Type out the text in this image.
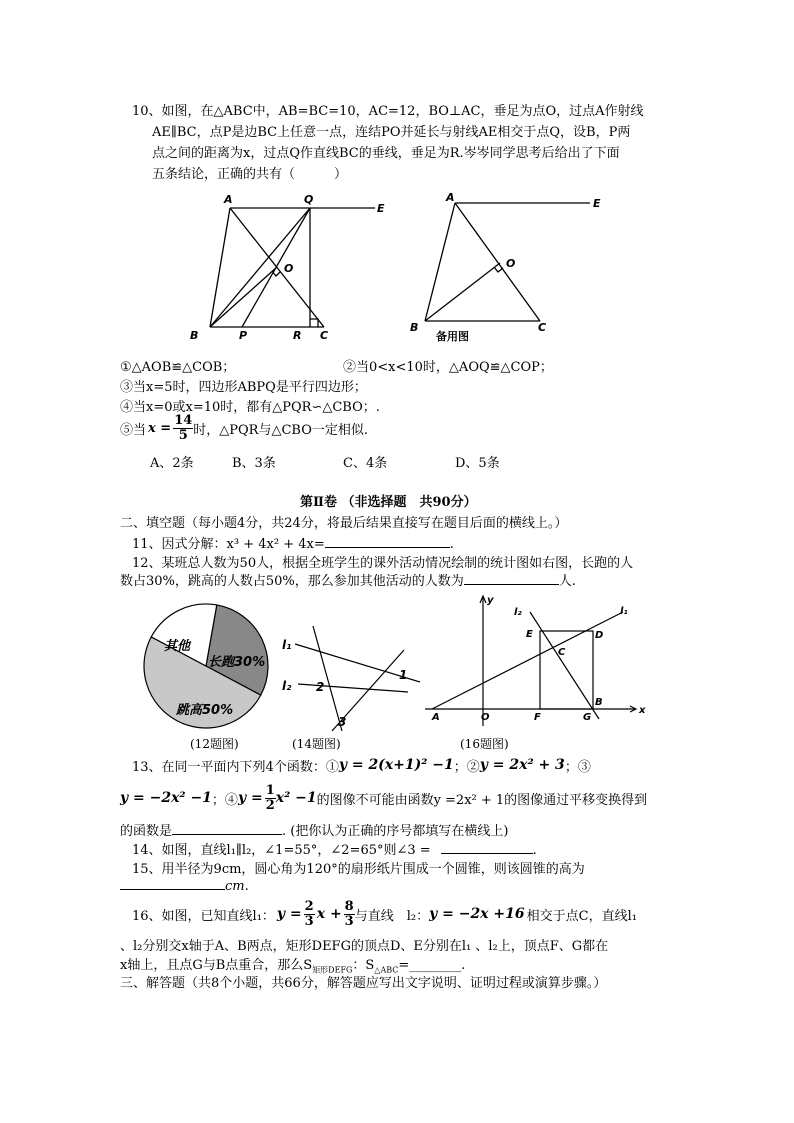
10、如图，在△ABC中，AB=BC=10，AC=12，BO⊥AC，垂足为点O，过点A作射线
AE∥BC，点P是边BC上任意一点，连结PO并延长与射线AE相交于点Q，设B，P两
点之间的距离为x，过点Q作直线BC的垂线，垂足为R.岑岑同学思考后给出了下面
五条结论，正确的共有（　　　）
A	Q
E
O
B	P	R C
A	E
O
B	C
备用图
①△AOB≌△COB；	②当0<x<10时，△AOQ≌△COP；
③当x=5时，四边形ABPQ是平行四边形；
④当x=0或x=10时，都有△PQR∽△CBO；.
⑤当 $x = \frac{14}{5}$ 时，△PQR与△CBO一定相似.
A、2条	B、3条	C、4条	D、5条
第Ⅱ卷 （非选择题　共90分）
二、填空题（每小题4分，共24分，将最后结果直接写在题目后面的横线上。）
11、因式分解：x³ + 4x² + 4x=	.
12、某班总人数为50人，根据全班学生的课外活动情况绘制的统计图如右图，长跑的人
数占30%，跳高的人数占50%，那么参加其他活动的人数为	人.
其他
长跑30%
跳高50%
(12题图)
l₁
l₂
1
2
3
(14题图)
y
x
l₂	l₁
E	D
C
A	O	F	G
B
(16题图)
13、在同一平面内下列4个函数：① y = 2(x+1)² −1 ；② y = 2x² + 3 ；③
y = −2x² −1 ；④ $y = \frac{1}{2} x^2 -1$ 的图像不可能由函数y =2x² + 1的图像通过平移变换得到
的函数是	. (把你认为正确的序号都填写在横线上)
14、如图，直线l₁∥l₂，∠1=55°，∠2=65°则∠3 =	.
15、用半径为9cm，圆心角为120°的扇形纸片围成一个圆锥，则该圆锥的高为
cm.
16、如图，已知直线l₁： $y = \frac{2}{3}$ $x + \frac{8}{3}$ 与直线　l₂： y = −2x +16 相交于点C，直线l₁
、l₂分别交x轴于A、B两点，矩形DEFG的顶点D、E分别在l₁ 、l₂上，顶点F、G都在
x轴上，且点G与B点重合，那么$S_{矩形DEFG}$：$S_{\triangle ABC}=\_\_\_\_\_\_\_\_$.
三、解答题（共8个小题，共66分，解答题应写出文字说明、证明过程或演算步骤。）
